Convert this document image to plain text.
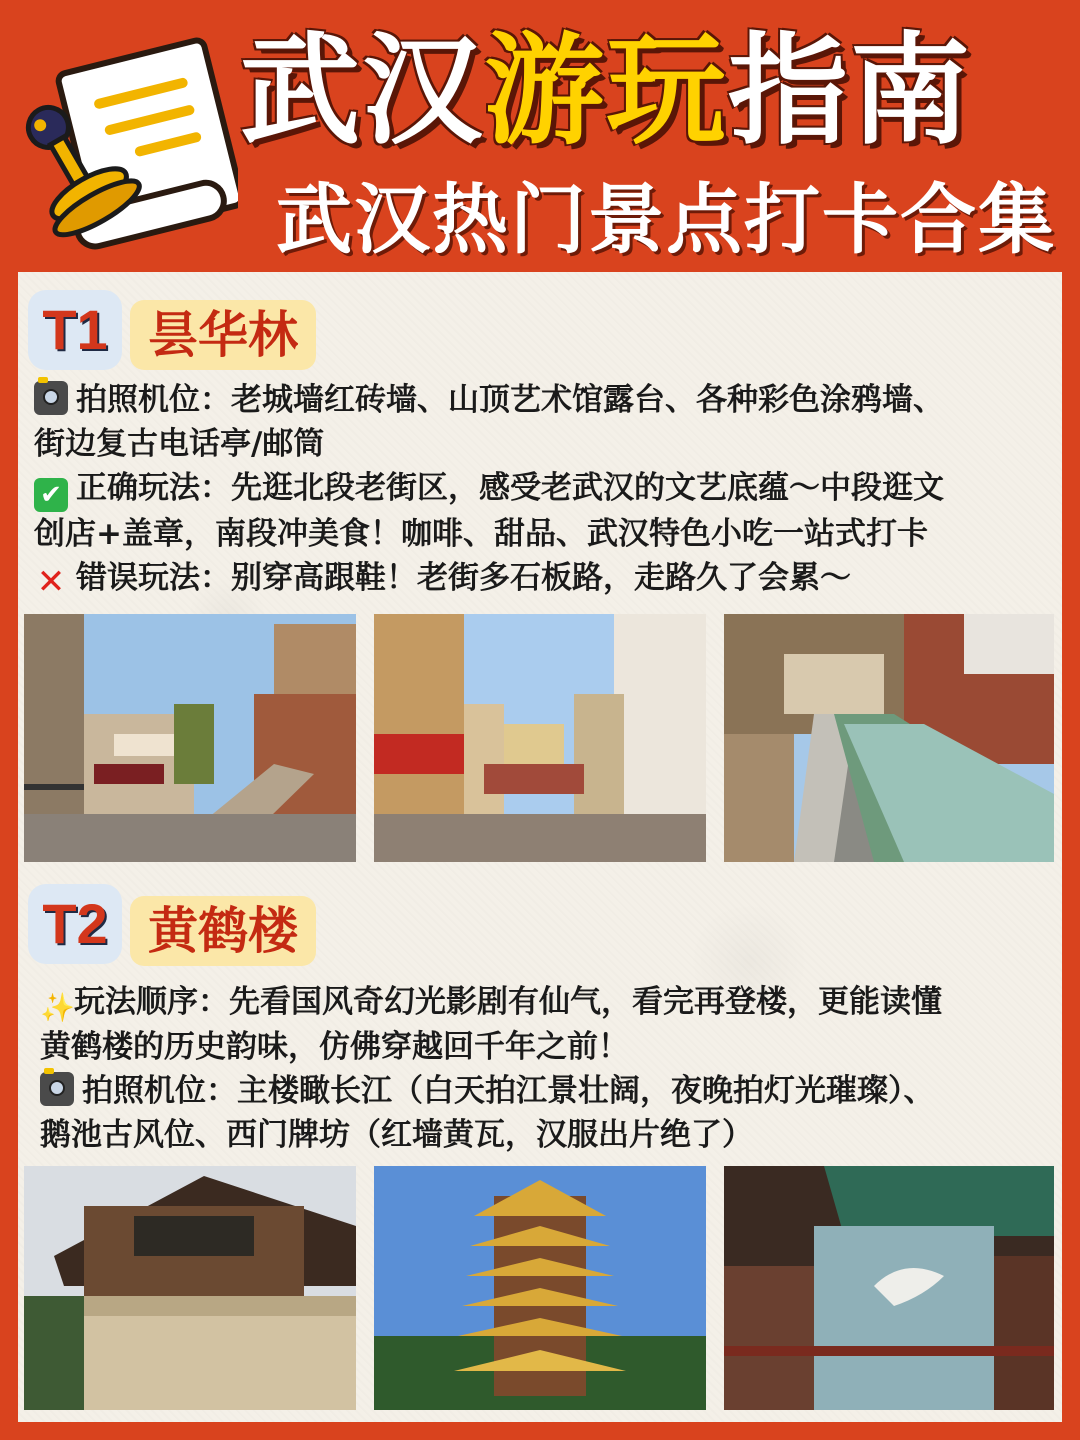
武汉游玩指南
武汉热门景点打卡合集
T1 昙华林
拍照机位：老城墙红砖墙、山顶艺术馆露台、各种彩色涂鸦墙、
街边复古电话亭/邮筒
✔ 正确玩法：先逛北段老街区，感受老武汉的文艺底蕴～中段逛文
创店+盖章，南段冲美食！咖啡、甜品、武汉特色小吃一站式打卡
✕ 错误玩法：别穿高跟鞋！老街多石板路，走路久了会累～
T2 黄鹤楼
✨玩法顺序：先看国风奇幻光影剧有仙气，看完再登楼，更能读懂
黄鹤楼的历史韵味，仿佛穿越回千年之前！
拍照机位：主楼瞰长江（白天拍江景壮阔，夜晚拍灯光璀璨）、
鹅池古风位、西门牌坊（红墙黄瓦，汉服出片绝了）
